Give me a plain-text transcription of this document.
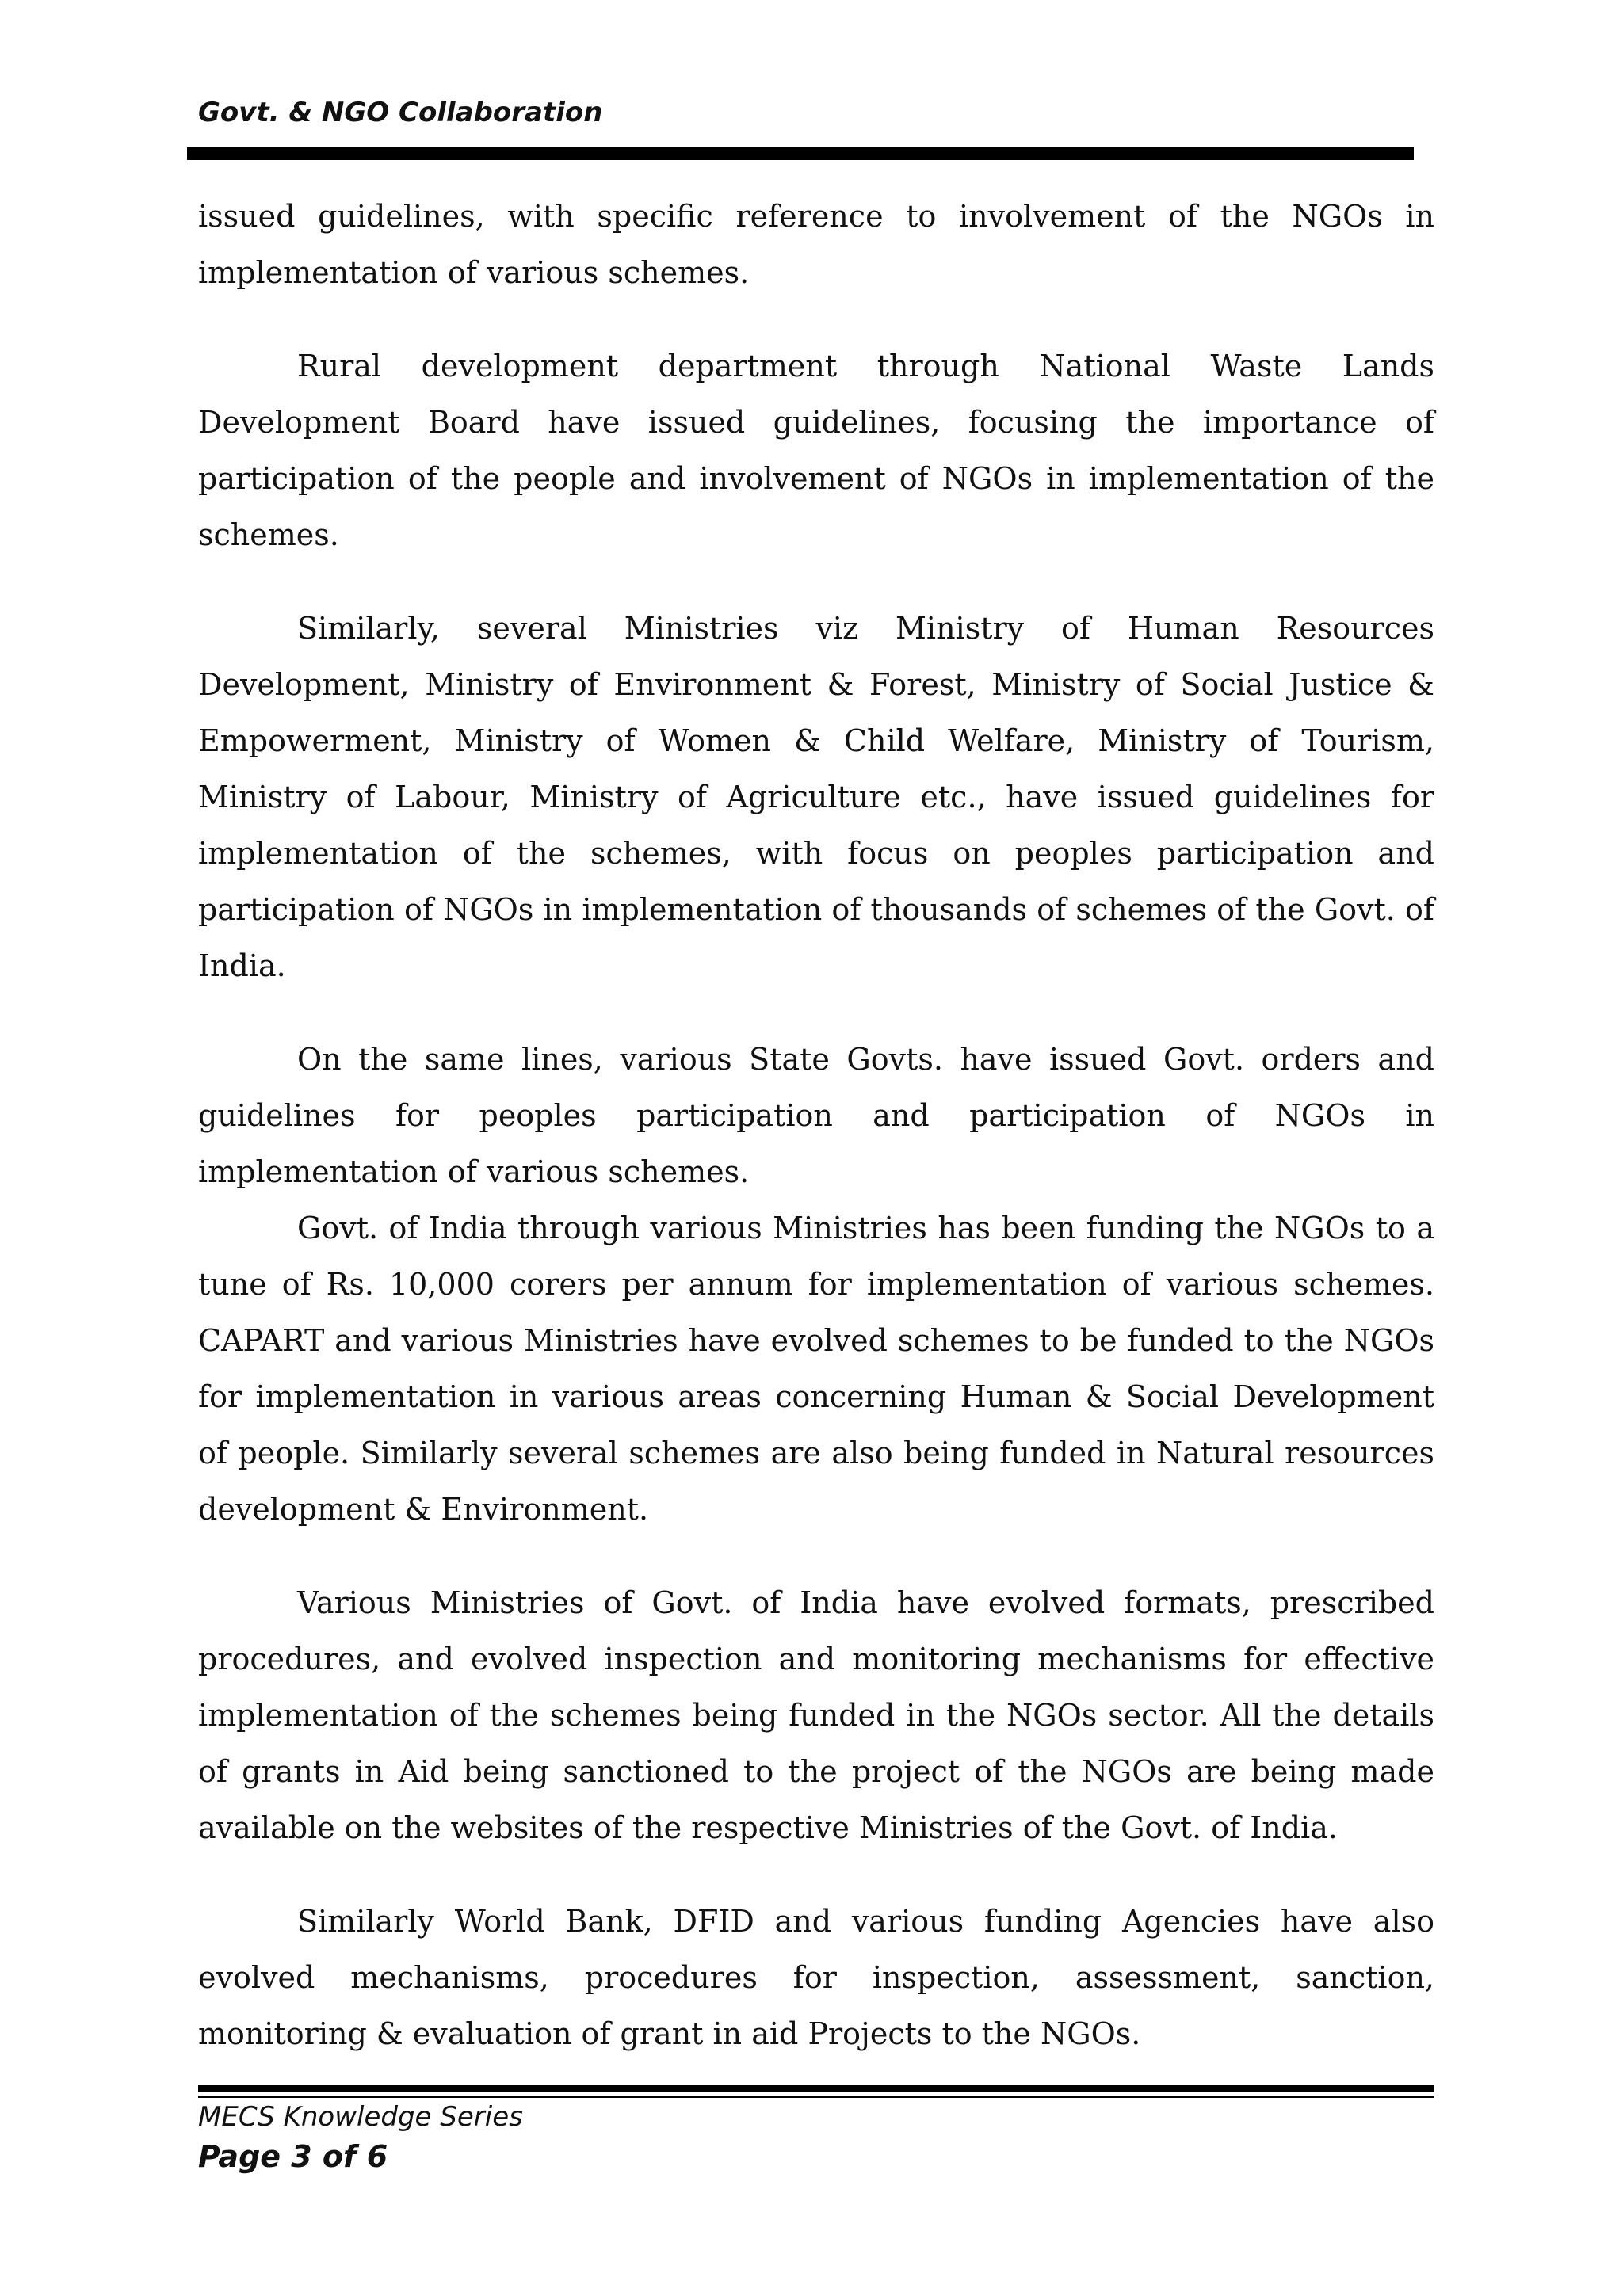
Govt. & NGO Collaboration

issued guidelines, with specific reference to involvement of the NGOs in implementation of various schemes.

Rural development department through National Waste Lands Development Board have issued guidelines, focusing the importance of participation of the people and involvement of NGOs in implementation of the schemes.

Similarly, several Ministries viz Ministry of Human Resources Development, Ministry of Environment & Forest, Ministry of Social Justice & Empowerment, Ministry of Women & Child Welfare, Ministry of Tourism, Ministry of Labour, Ministry of Agriculture etc., have issued guidelines for implementation of the schemes, with focus on peoples participation and participation of NGOs in implementation of thousands of schemes of the Govt. of India.

On the same lines, various State Govts. have issued Govt. orders and guidelines for peoples participation and participation of NGOs in implementation of various schemes.

Govt. of India through various Ministries has been funding the NGOs to a tune of Rs. 10,000 corers per annum for implementation of various schemes. CAPART and various Ministries have evolved schemes to be funded to the NGOs for implementation in various areas concerning Human & Social Development of people. Similarly several schemes are also being funded in Natural resources development & Environment.

Various Ministries of Govt. of India have evolved formats, prescribed procedures, and evolved inspection and monitoring mechanisms for effective implementation of the schemes being funded in the NGOs sector. All the details of grants in Aid being sanctioned to the project of the NGOs are being made available on the websites of the respective Ministries of the Govt. of India.

Similarly World Bank, DFID and various funding Agencies have also evolved mechanisms, procedures for inspection, assessment, sanction, monitoring & evaluation of grant in aid Projects to the NGOs.

MECS Knowledge Series
Page 3 of 6
